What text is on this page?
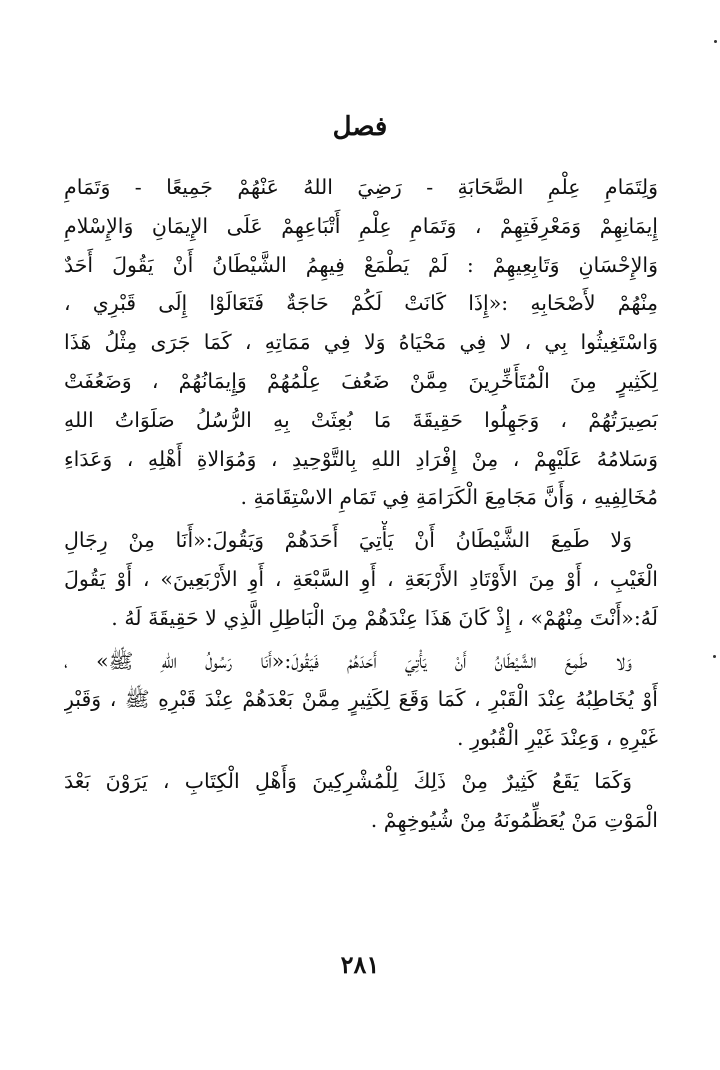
فصل
وَلِتَمَامِ عِلْمِ الصَّحَابَةِ - رَضِيَ اللهُ عَنْهُمْ جَمِيعًا - وَتَمَامِ
إِيمَانِهِمْ وَمَعْرِفَتِهِمْ ، وَتَمَامِ عِلْمِ أَتْبَاعِهِمْ عَلَى الإِيمَانِ وَالإِسْلامِ
وَالإِحْسَانِ وَتَابِعِيهِمْ : لَمْ يَطْمَعْ فِيهِمُ الشَّيْطَانُ أَنْ يَقُولَ أَحَدٌ
مِنْهُمْ لأَصْحَابِهِ :«إِذَا كَانَتْ لَكُمْ حَاجَةٌ فَتَعَالَوْا إِلَى قَبْرِي ،
وَاسْتَغِيثُوا بِي ، لا فِي مَحْيَاهُ وَلا فِي مَمَاتِهِ ، كَمَا جَرَى مِثْلُ هَذَا
لِكَثِيرٍ مِنَ الْمُتَأَخِّرِينَ مِمَّنْ ضَعُفَ عِلْمُهُمْ وَإِيمَانُهُمْ ، وَضَعُفَتْ
بَصِيرَتُهُمْ ، وَجَهِلُوا حَقِيقَةَ مَا بُعِثَتْ بِهِ الرُّسُلُ صَلَوَاتُ اللهِ
وَسَلامُهُ عَلَيْهِمْ ، مِنْ إِفْرَادِ اللهِ بِالتَّوْحِيدِ ، وَمُوَالاةِ أَهْلِهِ ، وَعَدَاءِ
مُخَالِفِيهِ ، وَأَنَّ مَجَامِعَ الْكَرَامَةِ فِي تَمَامِ الاسْتِقَامَةِ .
وَلا طَمِعَ الشَّيْطَانُ أَنْ يَأْتِيَ أَحَدَهُمْ وَيَقُولَ:«أَنَا مِنْ رِجَالِ
الْغَيْبِ ، أَوْ مِنَ الأَوْتَادِ الأَرْبَعَةِ ، أَوِ السَّبْعَةِ ، أَوِ الأَرْبَعِينَ» ، أَوْ يَقُولَ
لَهُ:«أَنْتَ مِنْهُمْ» ، إِذْ كَانَ هَذَا عِنْدَهُمْ مِنَ الْبَاطِلِ الَّذِي لا حَقِيقَةَ لَهُ .
وَلا طَمِعَ الشَّيْطَانُ أَنْ يَأْتِيَ أَحَدَهُمْ فَيَقُولَ:«أَنَا رَسُولُ اللهِ ﷺ» ،
أَوْ يُخَاطِبُهُ عِنْدَ الْقَبْرِ ، كَمَا وَقَعَ لِكَثِيرٍ مِمَّنْ بَعْدَهُمْ عِنْدَ قَبْرِهِ ﷺ ، وَقَبْرِ
غَيْرِهِ ، وَعِنْدَ غَيْرِ الْقُبُورِ .
وَكَمَا يَقَعُ كَثِيرٌ مِنْ ذَلِكَ لِلْمُشْرِكِينَ وَأَهْلِ الْكِتَابِ ، يَرَوْنَ بَعْدَ
الْمَوْتِ مَنْ يُعَظِّمُونَهُ مِنْ شُيُوخِهِمْ .
٢٨١
